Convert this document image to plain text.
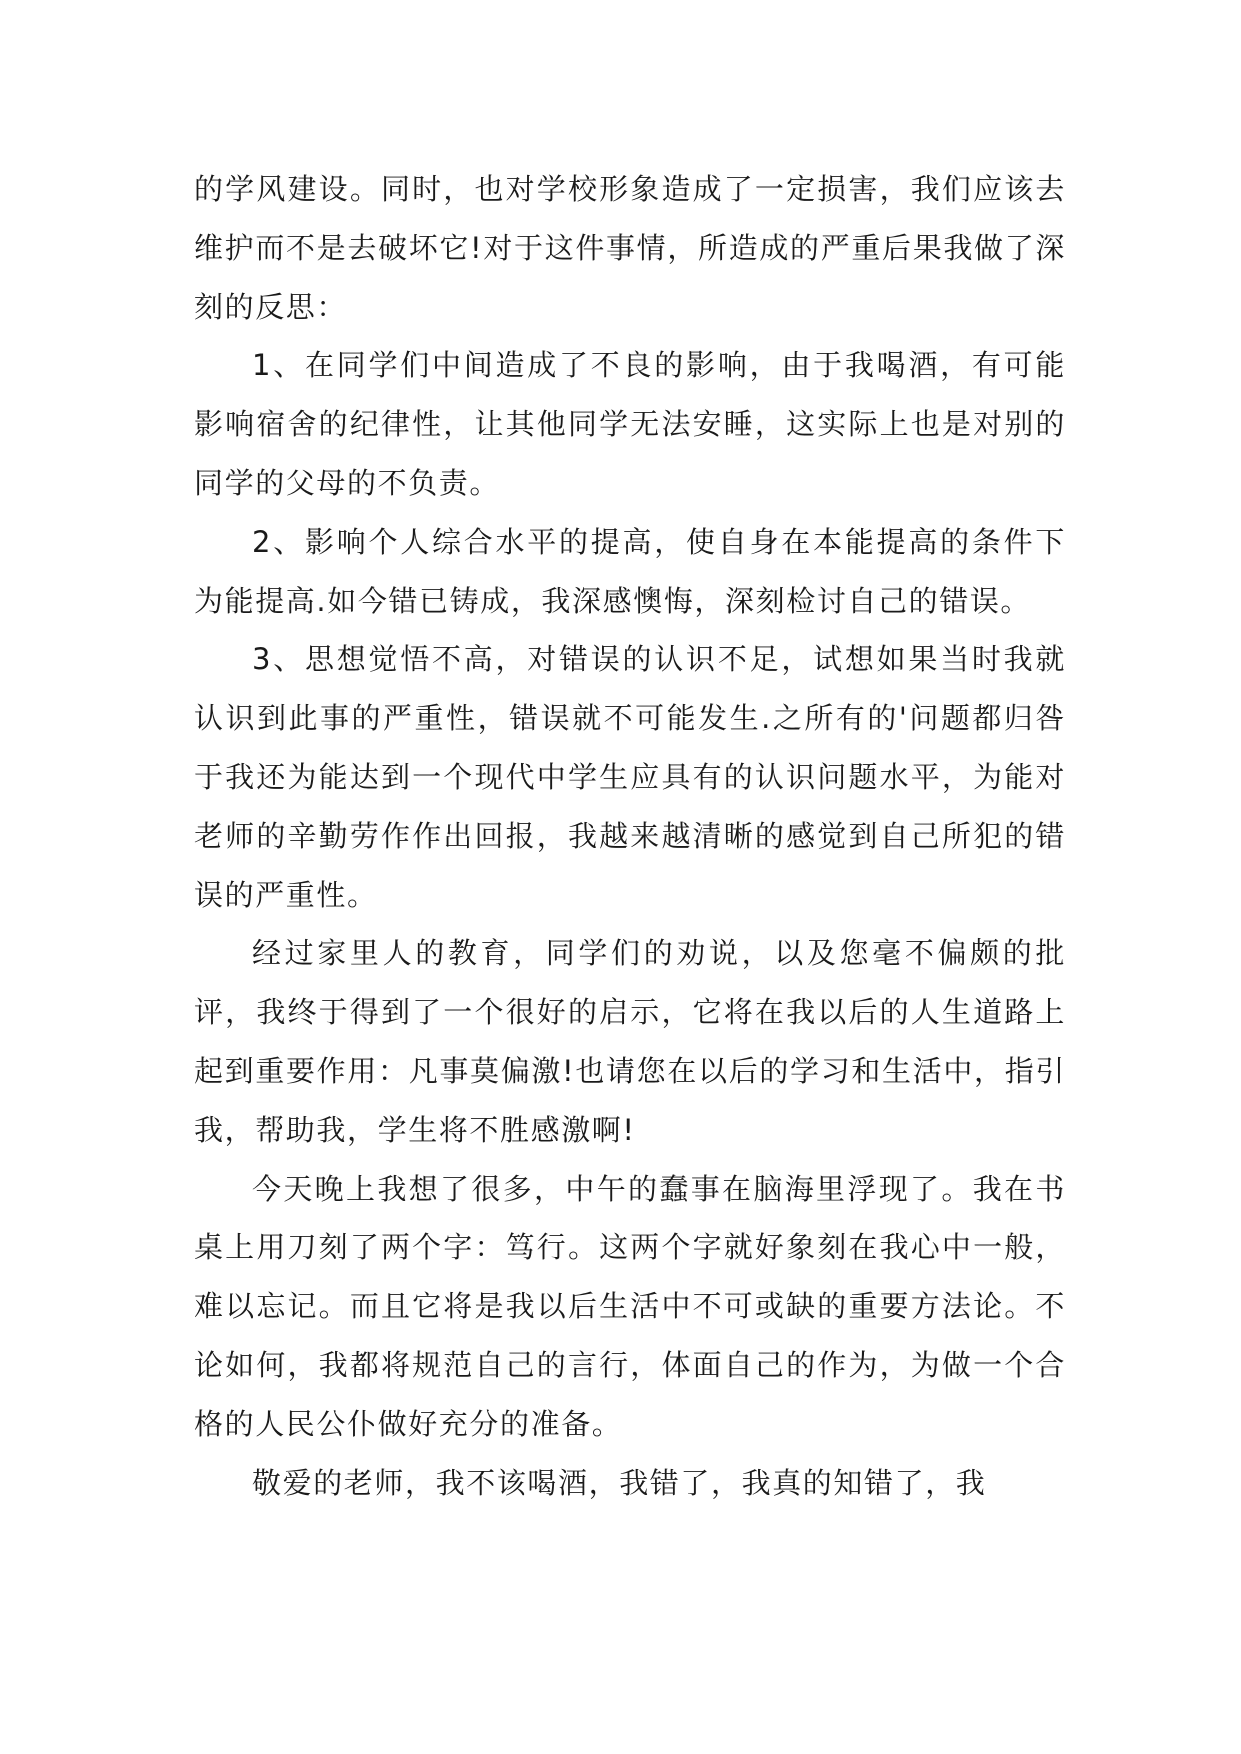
的学风建设。同时，也对学校形象造成了一定损害，我们应该去维护而不是去破坏它!对于这件事情，所造成的严重后果我做了深刻的反思：

1、在同学们中间造成了不良的影响，由于我喝酒，有可能影响宿舍的纪律性，让其他同学无法安睡，这实际上也是对别的同学的父母的不负责。

2、影响个人综合水平的提高，使自身在本能提高的条件下为能提高.如今错已铸成，我深感懊悔，深刻检讨自己的错误。

3、思想觉悟不高，对错误的认识不足，试想如果当时我就认识到此事的严重性，错误就不可能发生.之所有的'问题都归咎于我还为能达到一个现代中学生应具有的认识问题水平，为能对老师的辛勤劳作作出回报，我越来越清晰的感觉到自己所犯的错误的严重性。

经过家里人的教育，同学们的劝说，以及您毫不偏颇的批评，我终于得到了一个很好的启示，它将在我以后的人生道路上起到重要作用：凡事莫偏激!也请您在以后的学习和生活中，指引我，帮助我，学生将不胜感激啊!

今天晚上我想了很多，中午的蠢事在脑海里浮现了。我在书桌上用刀刻了两个字：笃行。这两个字就好象刻在我心中一般，难以忘记。而且它将是我以后生活中不可或缺的重要方法论。不论如何，我都将规范自己的言行，体面自己的作为，为做一个合格的人民公仆做好充分的准备。

敬爱的老师，我不该喝酒，我错了，我真的知错了，我
